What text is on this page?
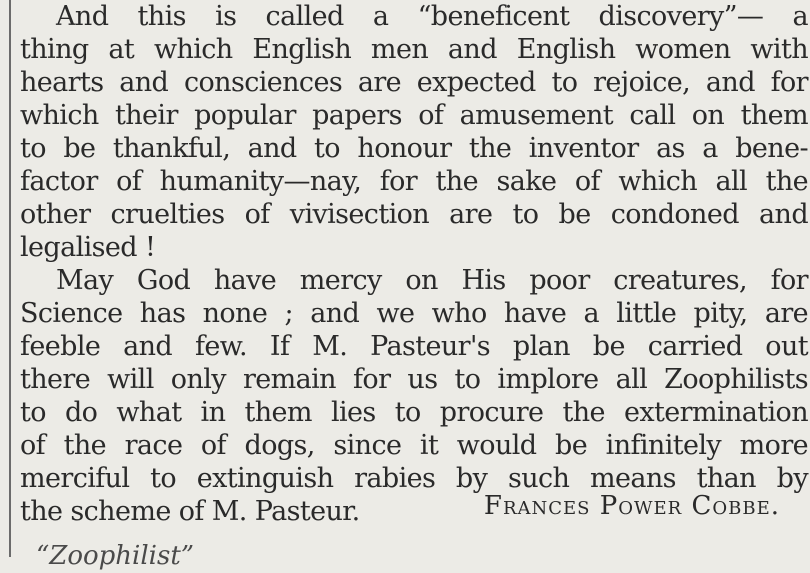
And this is called a “beneficent discovery”— a
thing at which English men and English women with
hearts and consciences are expected to rejoice, and for
which their popular papers of amusement call on them
to be thankful, and to honour the inventor as a bene-
factor of humanity—nay, for the sake of which all the
other cruelties of vivisection are to be condoned and
legalised !
May God have mercy on His poor creatures, for
Science has none ; and we who have a little pity, are
feeble and few. If M. Pasteur's plan be carried out
there will only remain for us to implore all Zoophilists
to do what in them lies to procure the extermination
of the race of dogs, since it would be infinitely more
merciful to extinguish rabies by such means than by
the scheme of M. Pasteur.	Frances Power Cobbe.
“Zoophilist”
